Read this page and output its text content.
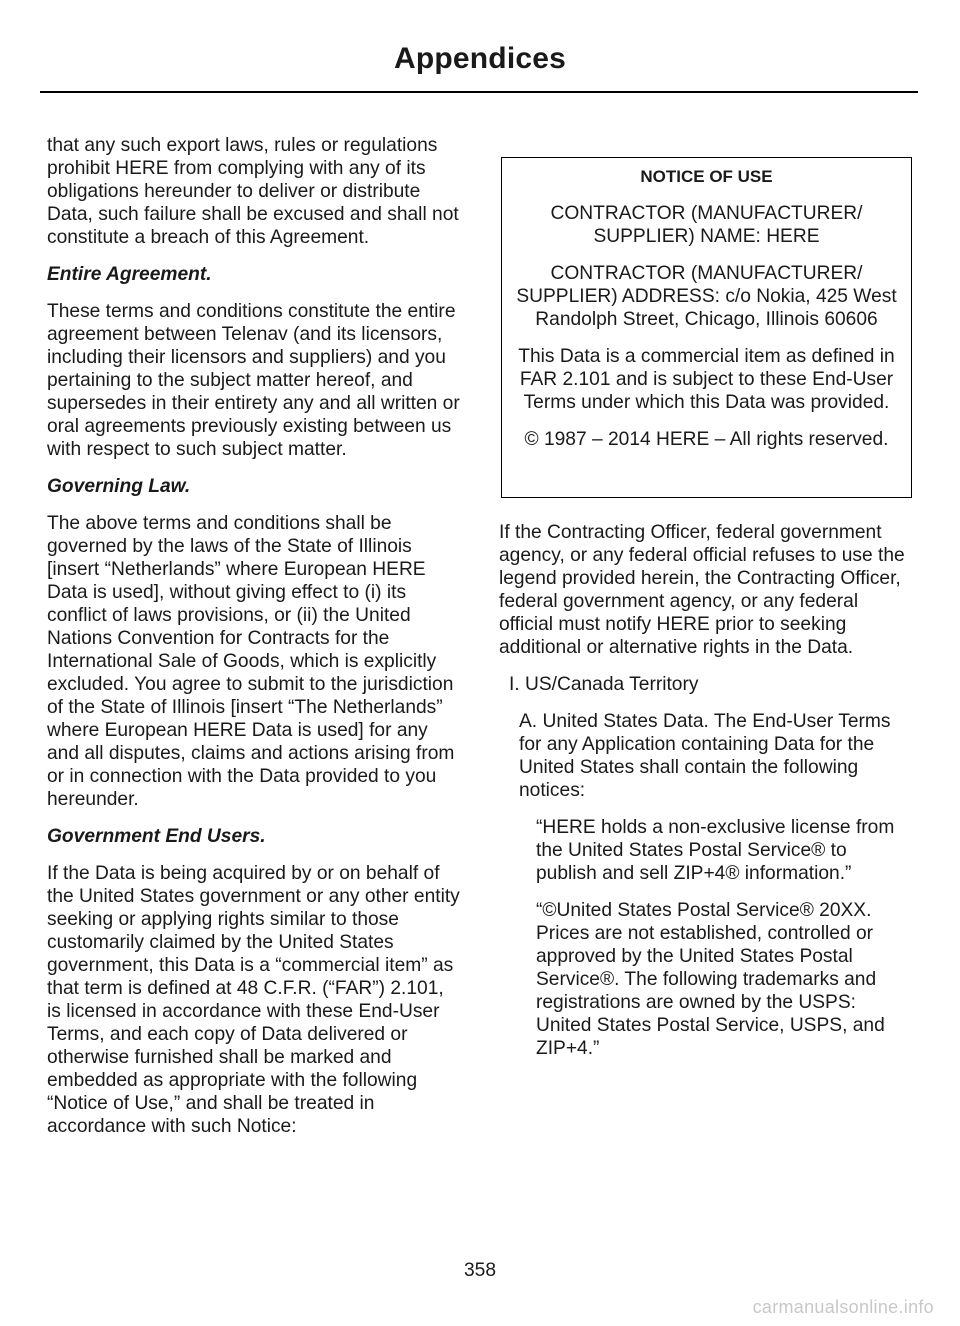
Appendices

that any such export laws, rules or regulations prohibit HERE from complying with any of its obligations hereunder to deliver or distribute Data, such failure shall be excused and shall not constitute a breach of this Agreement.

Entire Agreement.

These terms and conditions constitute the entire agreement between Telenav (and its licensors, including their licensors and suppliers) and you pertaining to the subject matter hereof, and supersedes in their entirety any and all written or oral agreements previously existing between us with respect to such subject matter.

Governing Law.

The above terms and conditions shall be governed by the laws of the State of Illinois [insert “Netherlands” where European HERE Data is used], without giving effect to (i) its conflict of laws provisions, or (ii) the United Nations Convention for Contracts for the International Sale of Goods, which is explicitly excluded. You agree to submit to the jurisdiction of the State of Illinois [insert “The Netherlands” where European HERE Data is used] for any and all disputes, claims and actions arising from or in connection with the Data provided to you hereunder.

Government End Users.

If the Data is being acquired by or on behalf of the United States government or any other entity seeking or applying rights similar to those customarily claimed by the United States government, this Data is a “commercial item” as that term is defined at 48 C.F.R. (“FAR”) 2.101, is licensed in accordance with these End-User Terms, and each copy of Data delivered or otherwise furnished shall be marked and embedded as appropriate with the following “Notice of Use,” and shall be treated in accordance with such Notice:

NOTICE OF USE

CONTRACTOR (MANUFACTURER/ SUPPLIER) NAME: HERE

CONTRACTOR (MANUFACTURER/ SUPPLIER) ADDRESS: c/o Nokia, 425 West Randolph Street, Chicago, Illinois 60606

This Data is a commercial item as defined in FAR 2.101 and is subject to these End-User Terms under which this Data was provided.

© 1987 – 2014 HERE – All rights reserved.

If the Contracting Officer, federal government agency, or any federal official refuses to use the legend provided herein, the Contracting Officer, federal government agency, or any federal official must notify HERE prior to seeking additional or alternative rights in the Data.

I. US/Canada Territory

A. United States Data. The End-User Terms for any Application containing Data for the United States shall contain the following notices:

“HERE holds a non-exclusive license from the United States Postal Service® to publish and sell ZIP+4® information.”

“©United States Postal Service® 20XX. Prices are not established, controlled or approved by the United States Postal Service®. The following trademarks and registrations are owned by the USPS: United States Postal Service, USPS, and ZIP+4.”

358
carmanualsonline.info
